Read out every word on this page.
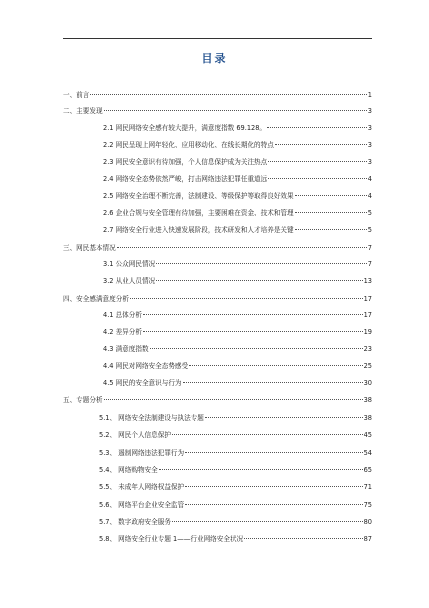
目录
一、前言	1
二、主要发现	3
2.1 网民网络安全感有较大提升，满意度指数 69.128。	3
2.2 网民呈现上网年轻化、应用移动化、在线长期化的特点	3
2.3 网民安全意识有待加强，个人信息保护成为关注热点	3
2.4 网络安全态势依然严峻，打击网络违法犯罪任重道远	4
2.5 网络安全治理不断完善，法制建设、等级保护等取得良好效果	4
2.6 企业合规与安全管理有待加强，主要困难在资金、技术和管理	5
2.7 网络安全行业进入快速发展阶段，技术研发和人才培养是关键	5
三、网民基本情况	7
3.1 公众网民情况	7
3.2 从业人员情况	13
四、安全感满意度分析	17
4.1 总体分析	17
4.2 差异分析	19
4.3 满意度指数	23
4.4 网民对网络安全态势感受	25
4.5 网民的安全意识与行为	30
五、专题分析	38
5.1、 网络安全法制建设与执法专题	38
5.2、 网民个人信息保护	45
5.3、 遏制网络违法犯罪行为	54
5.4、 网络购物安全	65
5.5、 未成年人网络权益保护	71
5.6、 网络平台企业安全监管	75
5.7、 数字政府安全服务	80
5.8、 网络安全行业专题 1——行业网络安全状况	87
